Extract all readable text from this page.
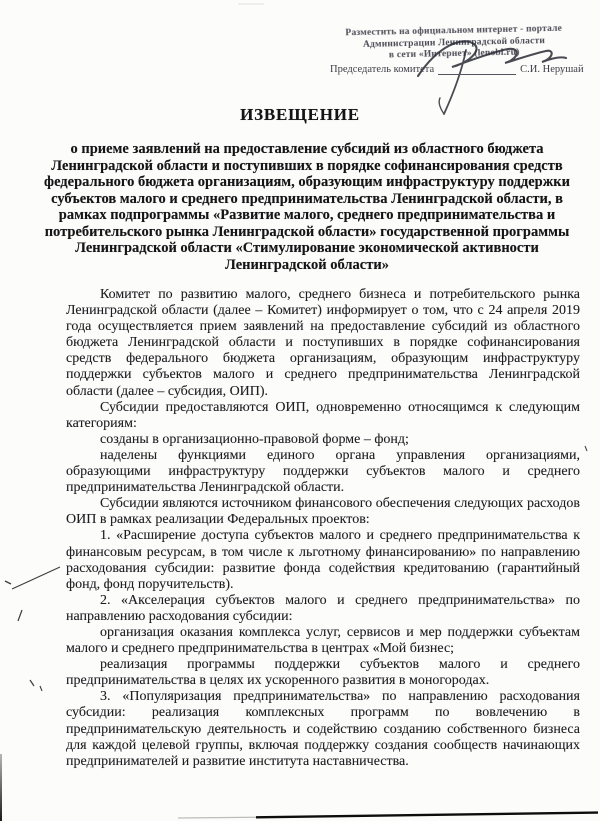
Разместить на официальном интернет - портале
Администрации Ленинградской области
в сети «Интернет» (lenobl.ru)
Председатель комитета	С.И. Нерушай
ИЗВЕЩЕНИЕ
о приеме заявлений на предоставление субсидий из областного бюджета Ленинградской области и поступивших в порядке софинансирования средств федерального бюджета организациям, образующим инфраструктуру поддержки субъектов малого и среднего предпринимательства Ленинградской области, в рамках подпрограммы «Развитие малого, среднего предпринимательства и потребительского рынка Ленинградской области» государственной программы Ленинградской области «Стимулирование экономической активности Ленинградской области»

Комитет по развитию малого, среднего бизнеса и потребительского рынка Ленинградской области (далее – Комитет) информирует о том, что с 24 апреля 2019 года осуществляется прием заявлений на предоставление субсидий из областного бюджета Ленинградской области и поступивших в порядке софинансирования средств федерального бюджета организациям, образующим инфраструктуру поддержки субъектов малого и среднего предпринимательства Ленинградской области (далее – субсидия, ОИП).

Субсидии предоставляются ОИП, одновременно относящимся к следующим категориям:

созданы в организационно-правовой форме – фонд;

наделены функциями единого органа управления организациями, образующими инфраструктуру поддержки субъектов малого и среднего предпринимательства Ленинградской области.

Субсидии являются источником финансового обеспечения следующих расходов ОИП в рамках реализации Федеральных проектов:

1. «Расширение доступа субъектов малого и среднего предпринимательства к финансовым ресурсам, в том числе к льготному финансированию» по направлению расходования субсидии: развитие фонда содействия кредитованию (гарантийный фонд, фонд поручительств).

2. «Акселерация субъектов малого и среднего предпринимательства» по направлению расходования субсидии:

организация оказания комплекса услуг, сервисов и мер поддержки субъектам малого и среднего предпринимательства в центрах «Мой бизнес;

реализация программы поддержки субъектов малого и среднего предпринимательства в целях их ускоренного развития в моногородах.

3. «Популяризация предпринимательства» по направлению расходования субсидии: реализация комплексных программ по вовлечению в предпринимательскую деятельность и содействию созданию собственного бизнеса для каждой целевой группы, включая поддержку создания сообществ начинающих предпринимателей и развитие института наставничества.
